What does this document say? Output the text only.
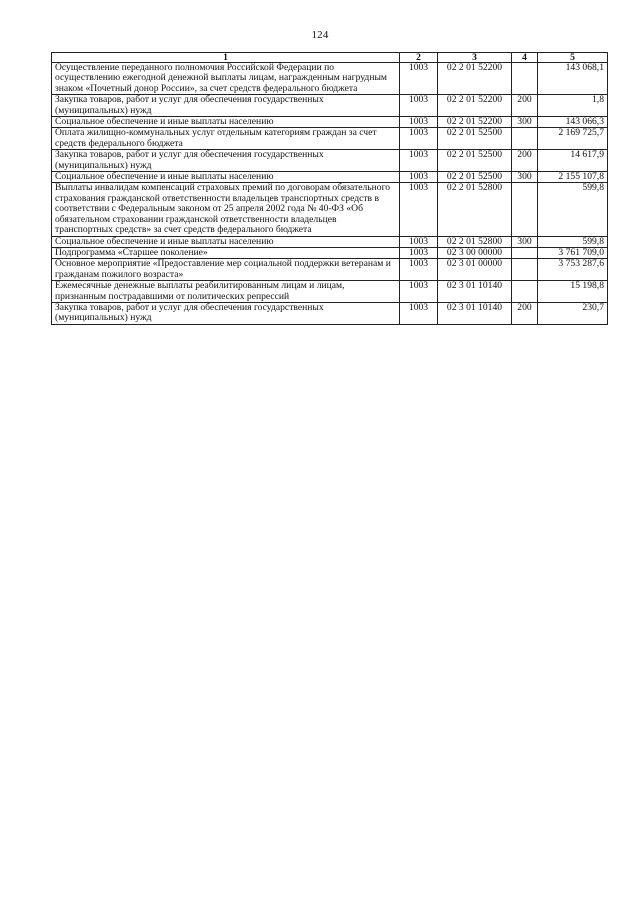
124
1	2	3	4	5
Осуществление переданного полномочия Российской Федерации по осуществлению ежегодной денежной выплаты лицам, награжденным нагрудным знаком «Почетный донор России», за счет средств федерального бюджета	1003	02 2 01 52200		143 068,1
Закупка товаров, работ и услуг для обеспечения государственных (муниципальных) нужд	1003	02 2 01 52200	200	1,8
Социальное обеспечение и иные выплаты населению	1003	02 2 01 52200	300	143 066,3
Оплата жилищно-коммунальных услуг отдельным категориям граждан за счет средств федерального бюджета	1003	02 2 01 52500		2 169 725,7
Закупка товаров, работ и услуг для обеспечения государственных (муниципальных) нужд	1003	02 2 01 52500	200	14 617,9
Социальное обеспечение и иные выплаты населению	1003	02 2 01 52500	300	2 155 107,8
Выплаты инвалидам компенсаций страховых премий по договорам обязательного страхования гражданской ответственности владельцев транспортных средств в соответствии с Федеральным законом от 25 апреля 2002 года № 40-ФЗ «Об обязательном страховании гражданской ответственности владельцев транспортных средств» за счет средств федерального бюджета	1003	02 2 01 52800		599,8
Социальное обеспечение и иные выплаты населению	1003	02 2 01 52800	300	599,8
Подпрограмма «Старшее поколение»	1003	02 3 00 00000		3 761 709,0
Основное мероприятие «Предоставление мер социальной поддержки ветеранам и гражданам пожилого возраста»	1003	02 3 01 00000		3 753 287,6
Ежемесячные денежные выплаты реабилитированным лицам и лицам, признанным пострадавшими от политических репрессий	1003	02 3 01 10140		15 198,8
Закупка товаров, работ и услуг для обеспечения государственных (муниципальных) нужд	1003	02 3 01 10140	200	230,7
